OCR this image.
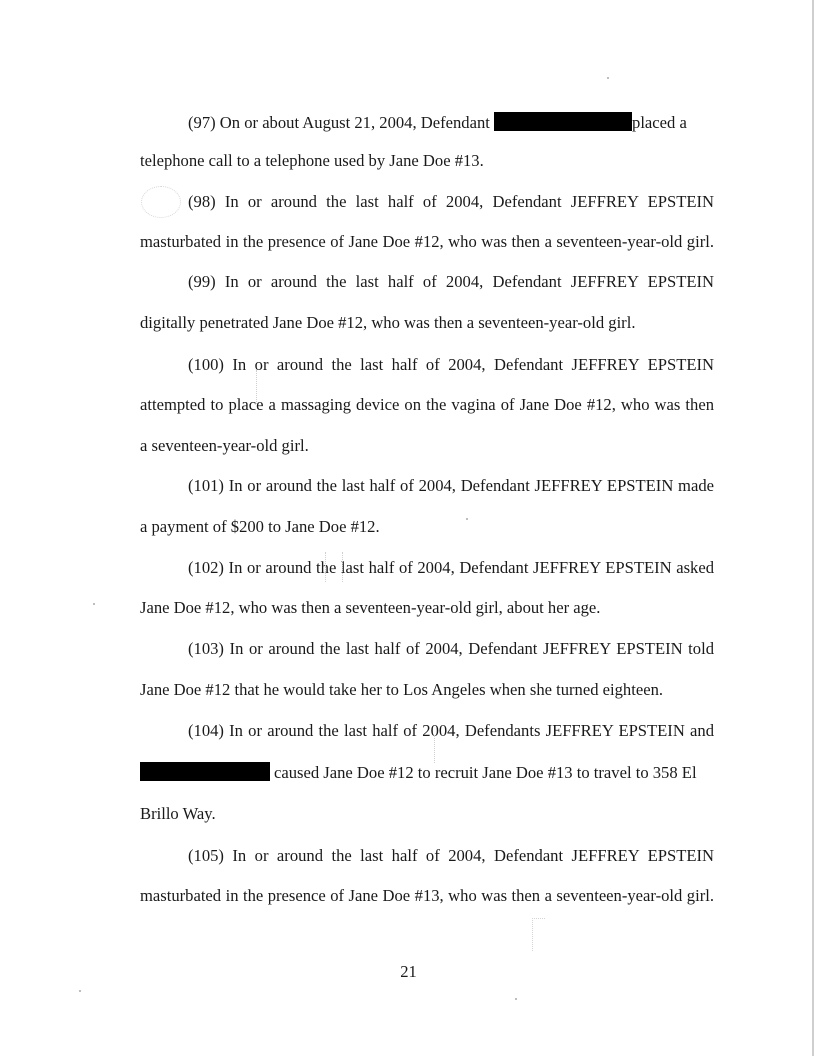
(97) On or about August 21, 2004, Defendant	placed a
telephone call to a telephone used by Jane Doe #13.
(98) In or around the last half of 2004, Defendant JEFFREY EPSTEIN
masturbated in the presence of Jane Doe #12, who was then a seventeen-year-old girl.
(99) In or around the last half of 2004, Defendant JEFFREY EPSTEIN
digitally penetrated Jane Doe #12, who was then a seventeen-year-old girl.
(100) In or around the last half of 2004, Defendant JEFFREY EPSTEIN
attempted to place a massaging device on the vagina of Jane Doe #12, who was then
a seventeen-year-old girl.
(101) In or around the last half of 2004, Defendant JEFFREY EPSTEIN made
a payment of $200 to Jane Doe #12.
(102) In or around the last half of 2004, Defendant JEFFREY EPSTEIN asked
Jane Doe #12, who was then a seventeen-year-old girl, about her age.
(103) In or around the last half of 2004, Defendant JEFFREY EPSTEIN told
Jane Doe #12 that he would take her to Los Angeles when she turned eighteen.
(104) In or around the last half of 2004, Defendants JEFFREY EPSTEIN and
caused Jane Doe #12 to recruit Jane Doe #13 to travel to 358 El
Brillo Way.
(105) In or around the last half of 2004, Defendant JEFFREY EPSTEIN
masturbated in the presence of Jane Doe #13, who was then a seventeen-year-old girl.
21
